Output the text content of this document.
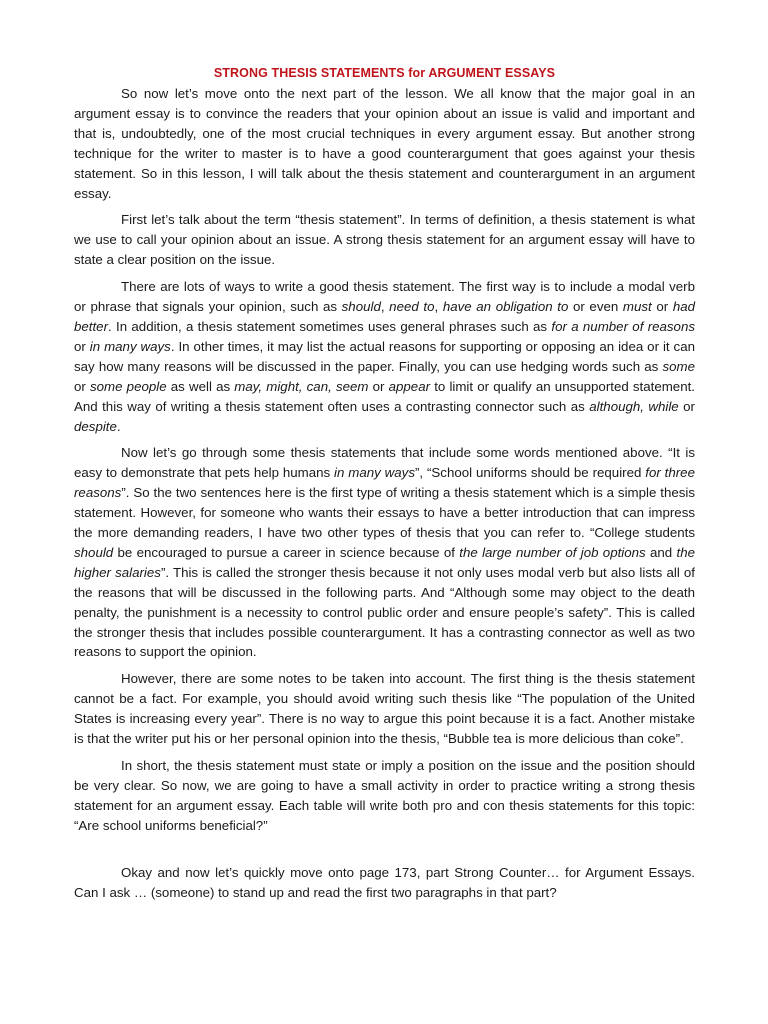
STRONG THESIS STATEMENTS for ARGUMENT ESSAYS

So now let’s move onto the next part of the lesson. We all know that the major goal in an argument essay is to convince the readers that your opinion about an issue is valid and important and that is, undoubtedly, one of the most crucial techniques in every argument essay. But another strong technique for the writer to master is to have a good counterargument that goes against your thesis statement. So in this lesson, I will talk about the thesis statement and counterargument in an argument essay.

First let’s talk about the term “thesis statement”. In terms of definition, a thesis statement is what we use to call your opinion about an issue. A strong thesis statement for an argument essay will have to state a clear position on the issue.

There are lots of ways to write a good thesis statement. The first way is to include a modal verb or phrase that signals your opinion, such as should, need to, have an obligation to or even must or had better. In addition, a thesis statement sometimes uses general phrases such as for a number of reasons or in many ways. In other times, it may list the actual reasons for supporting or opposing an idea or it can say how many reasons will be discussed in the paper. Finally, you can use hedging words such as some or some people as well as may, might, can, seem or appear to limit or qualify an unsupported statement. And this way of writing a thesis statement often uses a contrasting connector such as although, while or despite.

Now let’s go through some thesis statements that include some words mentioned above. “It is easy to demonstrate that pets help humans in many ways”, “School uniforms should be required for three reasons”. So the two sentences here is the first type of writing a thesis statement which is a simple thesis statement. However, for someone who wants their essays to have a better introduction that can impress the more demanding readers, I have two other types of thesis that you can refer to. “College students should be encouraged to pursue a career in science because of the large number of job options and the higher salaries”. This is called the stronger thesis because it not only uses modal verb but also lists all of the reasons that will be discussed in the following parts. And “Although some may object to the death penalty, the punishment is a necessity to control public order and ensure people’s safety”. This is called the stronger thesis that includes possible counterargument. It has a contrasting connector as well as two reasons to support the opinion.

However, there are some notes to be taken into account. The first thing is the thesis statement cannot be a fact. For example, you should avoid writing such thesis like “The population of the United States is increasing every year”. There is no way to argue this point because it is a fact. Another mistake is that the writer put his or her personal opinion into the thesis, “Bubble tea is more delicious than coke”.

In short, the thesis statement must state or imply a position on the issue and the position should be very clear. So now, we are going to have a small activity in order to practice writing a strong thesis statement for an argument essay. Each table will write both pro and con thesis statements for this topic: “Are school uniforms beneficial?”

Okay and now let’s quickly move onto page 173, part Strong Counter… for Argument Essays. Can I ask … (someone) to stand up and read the first two paragraphs in that part?
